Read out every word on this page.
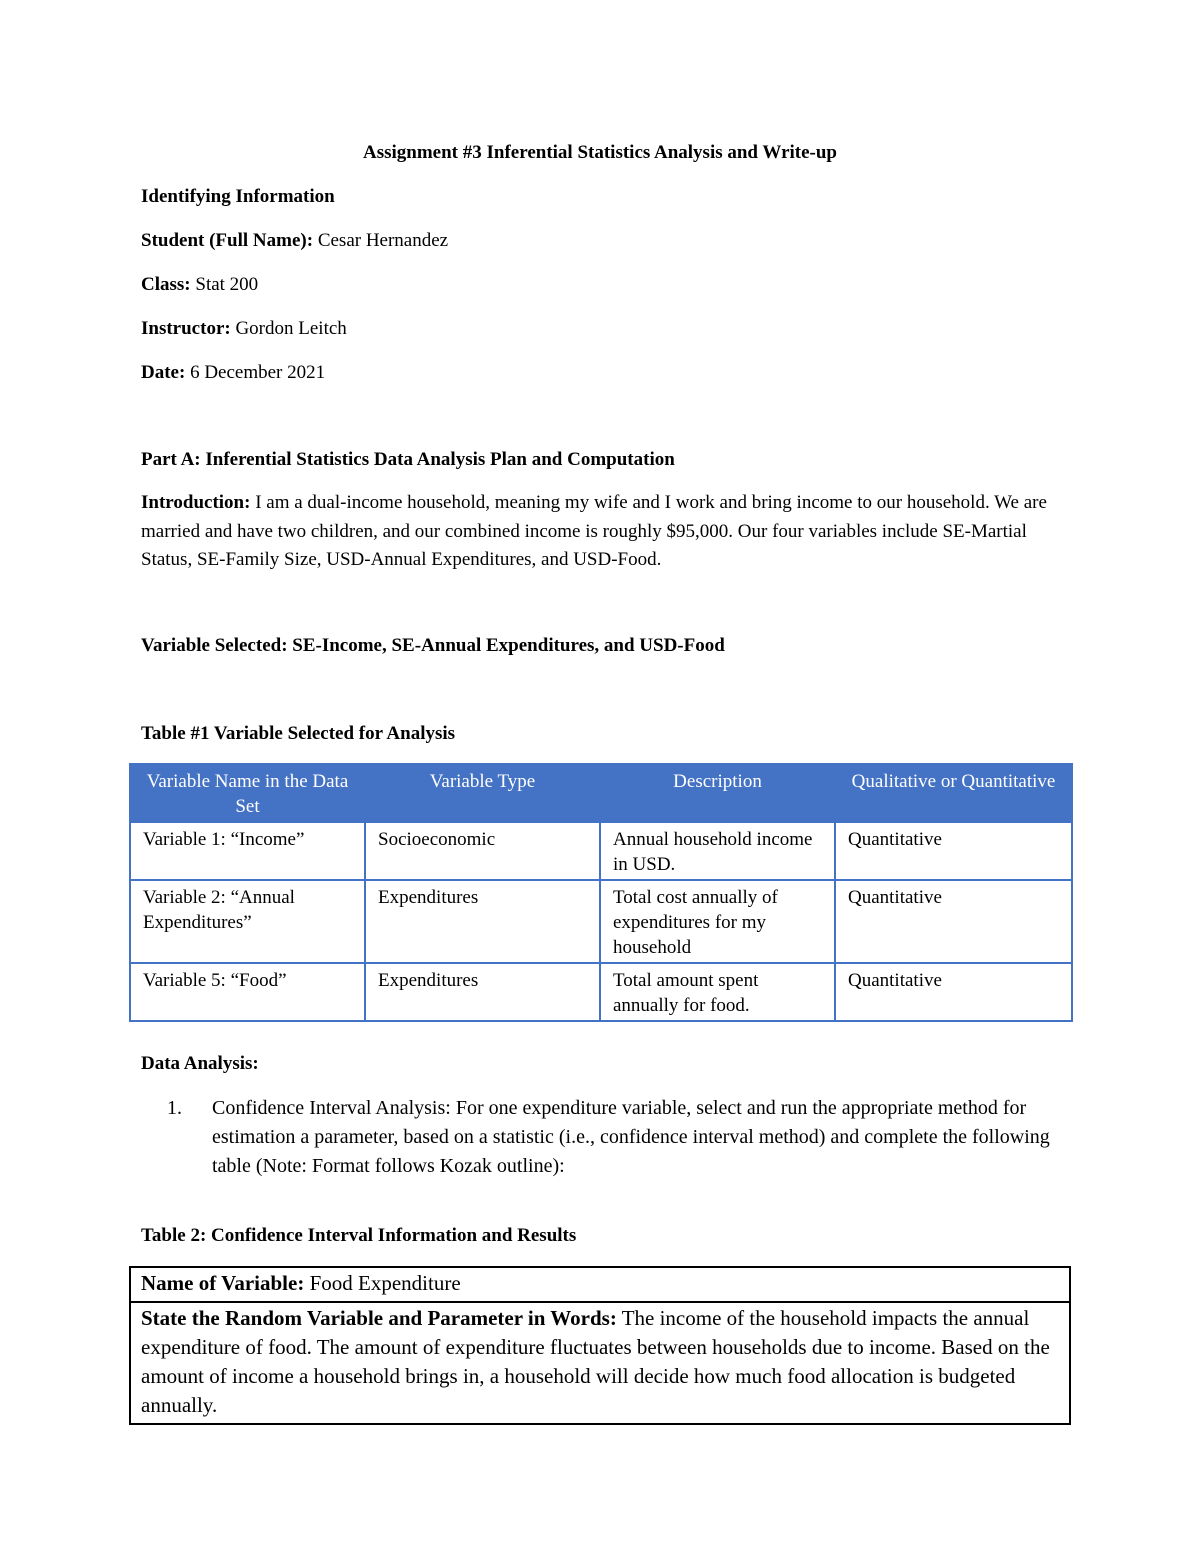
Assignment #3 Inferential Statistics Analysis and Write-up
Identifying Information
Student (Full Name): Cesar Hernandez
Class: Stat 200
Instructor: Gordon Leitch
Date: 6 December 2021
Part A: Inferential Statistics Data Analysis Plan and Computation
Introduction: I am a dual-income household, meaning my wife and I work and bring income to our household. We are married and have two children, and our combined income is roughly $95,000. Our four variables include SE-Martial Status, SE-Family Size, USD-Annual Expenditures, and USD-Food.
Variable Selected: SE-Income, SE-Annual Expenditures, and USD-Food
Table #1 Variable Selected for Analysis
Variable Name in the Data Set	Variable Type	Description	Qualitative or Quantitative
Variable 1: “Income”	Socioeconomic	Annual household income in USD.	Quantitative
Variable 2: “Annual Expenditures”	Expenditures	Total cost annually of expenditures for my household	Quantitative
Variable 5: “Food”	Expenditures	Total amount spent annually for food.	Quantitative
Data Analysis:
1. Confidence Interval Analysis: For one expenditure variable, select and run the appropriate method for estimation a parameter, based on a statistic (i.e., confidence interval method) and complete the following table (Note: Format follows Kozak outline):
Table 2: Confidence Interval Information and Results
Name of Variable: Food Expenditure
State the Random Variable and Parameter in Words: The income of the household impacts the annual expenditure of food. The amount of expenditure fluctuates between households due to income. Based on the amount of income a household brings in, a household will decide how much food allocation is budgeted annually.
